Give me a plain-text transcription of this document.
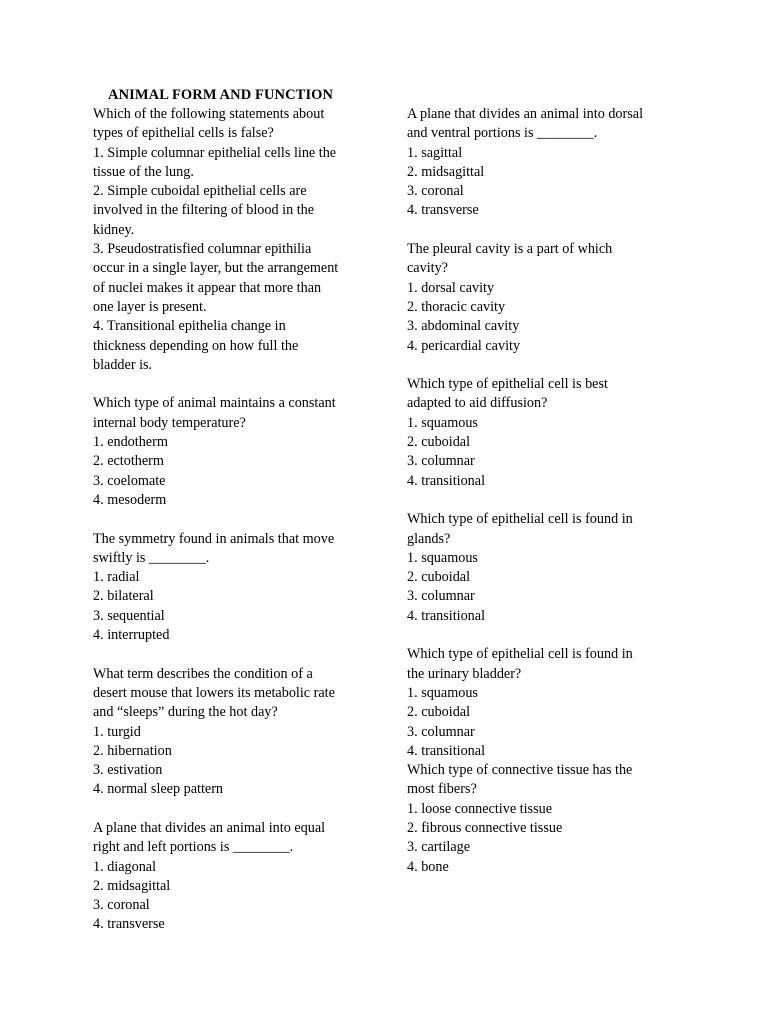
ANIMAL FORM AND FUNCTION
Which of the following statements about
types of epithelial cells is false?
1. Simple columnar epithelial cells line the
tissue of the lung.
2. Simple cuboidal epithelial cells are
involved in the filtering of blood in the
kidney.
3. Pseudostratisfied columnar epithilia
occur in a single layer, but the arrangement
of nuclei makes it appear that more than
one layer is present.
4. Transitional epithelia change in
thickness depending on how full the
bladder is.
Which type of animal maintains a constant
internal body temperature?
1. endotherm
2. ectotherm
3. coelomate
4. mesoderm
The symmetry found in animals that move
swiftly is ________.
1. radial
2. bilateral
3. sequential
4. interrupted
What term describes the condition of a
desert mouse that lowers its metabolic rate
and “sleeps” during the hot day?
1. turgid
2. hibernation
3. estivation
4. normal sleep pattern
A plane that divides an animal into equal
right and left portions is ________.
1. diagonal
2. midsagittal
3. coronal
4. transverse
A plane that divides an animal into dorsal
and ventral portions is ________.
1. sagittal
2. midsagittal
3. coronal
4. transverse
The pleural cavity is a part of which
cavity?
1. dorsal cavity
2. thoracic cavity
3. abdominal cavity
4. pericardial cavity
Which type of epithelial cell is best
adapted to aid diffusion?
1. squamous
2. cuboidal
3. columnar
4. transitional
Which type of epithelial cell is found in
glands?
1. squamous
2. cuboidal
3. columnar
4. transitional
Which type of epithelial cell is found in
the urinary bladder?
1. squamous
2. cuboidal
3. columnar
4. transitional
Which type of connective tissue has the
most fibers?
1. loose connective tissue
2. fibrous connective tissue
3. cartilage
4. bone
